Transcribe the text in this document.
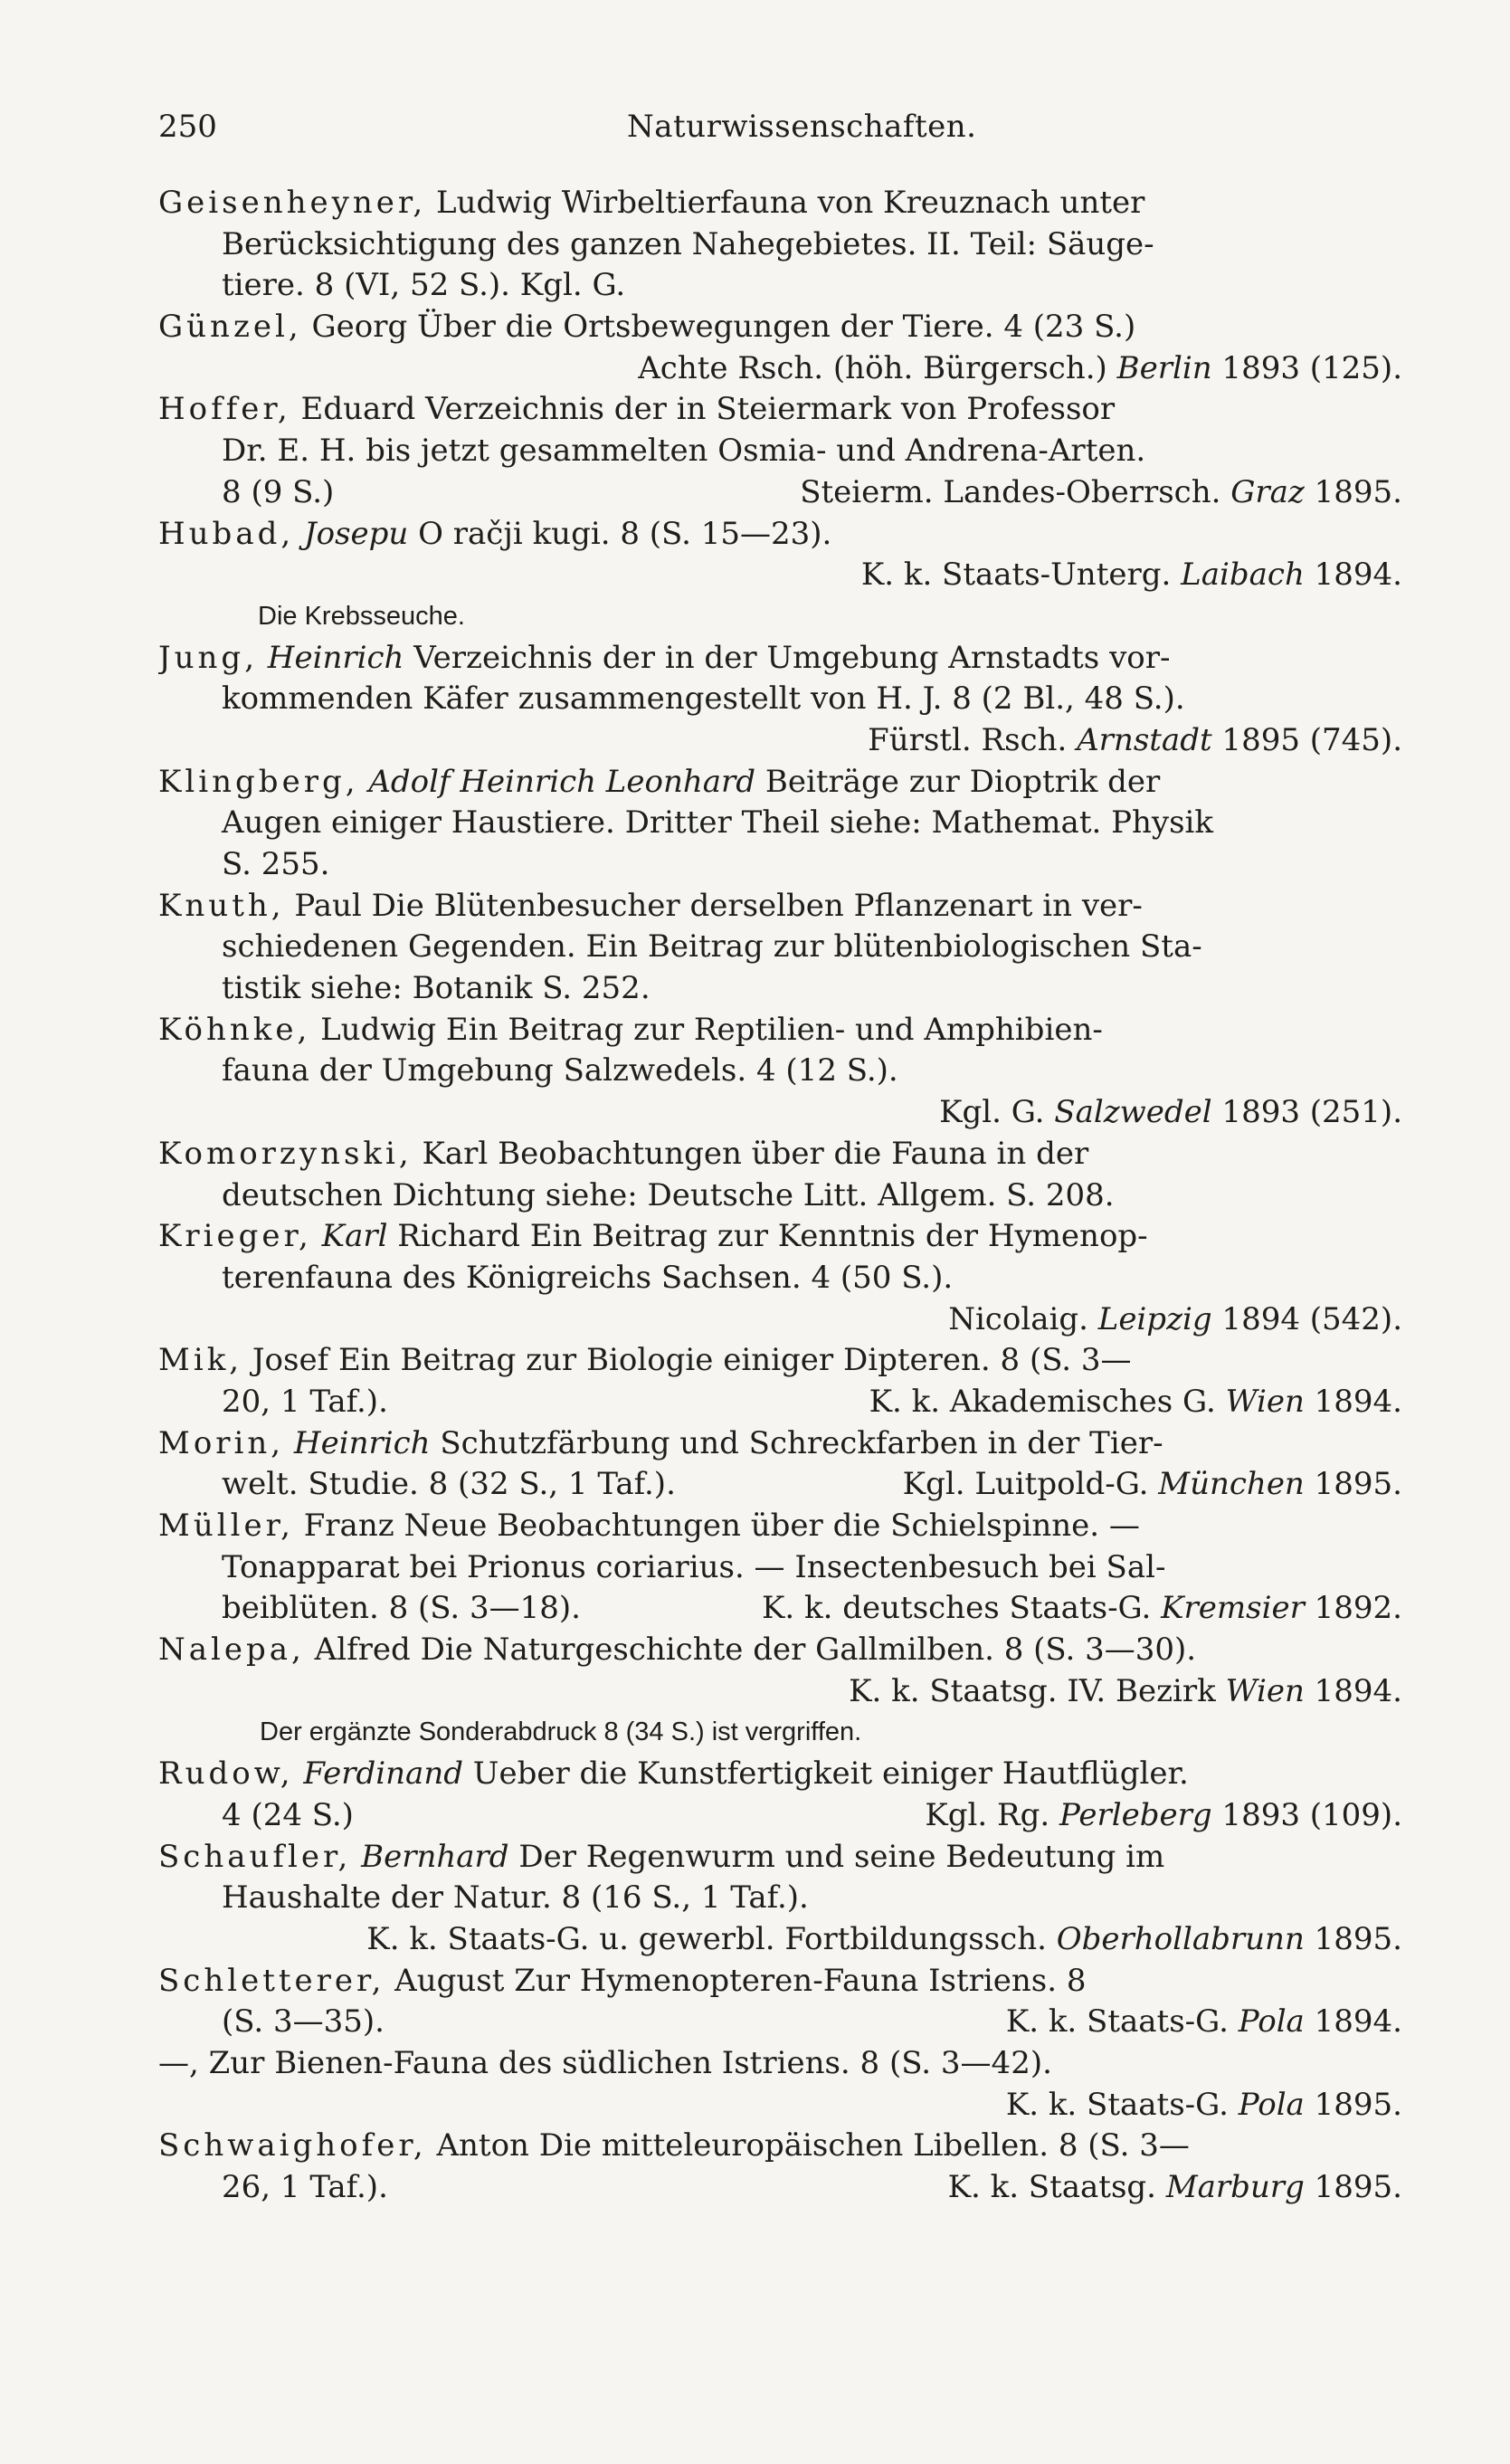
250	Naturwissenschaften.
Geisenheyner, Ludwig Wirbeltierfauna von Kreuznach unter
Berücksichtigung des ganzen Nahegebietes. II. Teil: Säuge-
tiere. 8 (VI, 52 S.). Kgl. G.
Günzel, Georg Über die Ortsbewegungen der Tiere. 4 (23 S.)
Achte Rsch. (höh. Bürgersch.) Berlin 1893 (125).
Hoffer, Eduard Verzeichnis der in Steiermark von Professor
Dr. E. H. bis jetzt gesammelten Osmia- und Andrena-Arten.
8 (9 S.)	Steierm. Landes-Oberrsch. Graz 1895.
Hubad, Josepu O račji kugi. 8 (S. 15—23).
K. k. Staats-Unterg. Laibach 1894.
Die Krebsseuche.
Jung, Heinrich Verzeichnis der in der Umgebung Arnstadts vor-
kommenden Käfer zusammengestellt von H. J. 8 (2 Bl., 48 S.).
Fürstl. Rsch. Arnstadt 1895 (745).
Klingberg, Adolf Heinrich Leonhard Beiträge zur Dioptrik der
Augen einiger Haustiere. Dritter Theil siehe: Mathemat. Physik
S. 255.
Knuth, Paul Die Blütenbesucher derselben Pflanzenart in ver-
schiedenen Gegenden. Ein Beitrag zur blütenbiologischen Sta-
tistik siehe: Botanik S. 252.
Köhnke, Ludwig Ein Beitrag zur Reptilien- und Amphibien-
fauna der Umgebung Salzwedels. 4 (12 S.).
Kgl. G. Salzwedel 1893 (251).
Komorzynski, Karl Beobachtungen über die Fauna in der
deutschen Dichtung siehe: Deutsche Litt. Allgem. S. 208.
Krieger, Karl Richard Ein Beitrag zur Kenntnis der Hymenop-
terenfauna des Königreichs Sachsen. 4 (50 S.).
Nicolaig. Leipzig 1894 (542).
Mik, Josef Ein Beitrag zur Biologie einiger Dipteren. 8 (S. 3—
20, 1 Taf.).	K. k. Akademisches G. Wien 1894.
Morin, Heinrich Schutzfärbung und Schreckfarben in der Tier-
welt. Studie. 8 (32 S., 1 Taf.).	Kgl. Luitpold-G. München 1895.
Müller, Franz Neue Beobachtungen über die Schielspinne. —
Tonapparat bei Prionus coriarius. — Insectenbesuch bei Sal-
beiblüten. 8 (S. 3—18).	K. k. deutsches Staats-G. Kremsier 1892.
Nalepa, Alfred Die Naturgeschichte der Gallmilben. 8 (S. 3—30).
K. k. Staatsg. IV. Bezirk Wien 1894.
Der ergänzte Sonderabdruck 8 (34 S.) ist vergriffen.
Rudow, Ferdinand Ueber die Kunstfertigkeit einiger Hautflügler.
4 (24 S.)	Kgl. Rg. Perleberg 1893 (109).
Schaufler, Bernhard Der Regenwurm und seine Bedeutung im
Haushalte der Natur. 8 (16 S., 1 Taf.).
K. k. Staats-G. u. gewerbl. Fortbildungssch. Oberhollabrunn 1895.
Schletterer, August Zur Hymenopteren-Fauna Istriens. 8
(S. 3—35).	K. k. Staats-G. Pola 1894.
—, Zur Bienen-Fauna des südlichen Istriens. 8 (S. 3—42).
K. k. Staats-G. Pola 1895.
Schwaighofer, Anton Die mitteleuropäischen Libellen. 8 (S. 3—
26, 1 Taf.).	K. k. Staatsg. Marburg 1895.
